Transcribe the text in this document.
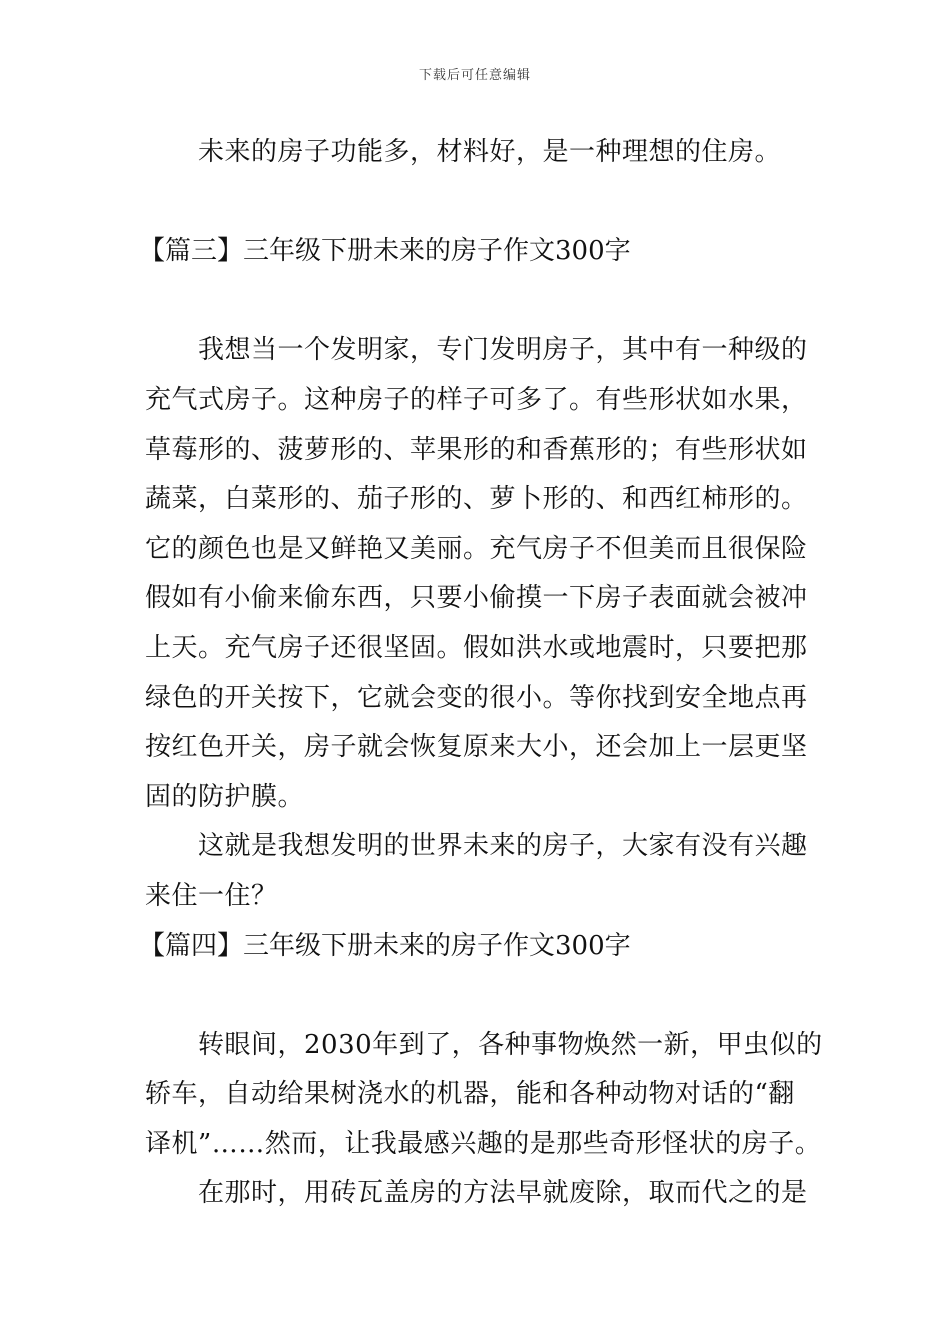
下载后可任意编辑
未来的房子功能多，材料好，是一种理想的住房。
【篇三】三年级下册未来的房子作文300字
我想当一个发明家，专门发明房子，其中有一种级的
充气式房子。这种房子的样子可多了。有些形状如水果，
草莓形的、菠萝形的、苹果形的和香蕉形的；有些形状如
蔬菜，白菜形的、茄子形的、萝卜形的、和西红柿形的。
它的颜色也是又鲜艳又美丽。充气房子不但美而且很保险
假如有小偷来偷东西，只要小偷摸一下房子表面就会被冲
上天。充气房子还很坚固。假如洪水或地震时，只要把那
绿色的开关按下，它就会变的很小。等你找到安全地点再
按红色开关，房子就会恢复原来大小，还会加上一层更坚
固的防护膜。
这就是我想发明的世界未来的房子，大家有没有兴趣
来住一住？
【篇四】三年级下册未来的房子作文300字
转眼间，2030年到了，各种事物焕然一新，甲虫似的
轿车，自动给果树浇水的机器，能和各种动物对话的“翻
译机”……然而，让我最感兴趣的是那些奇形怪状的房子。
在那时，用砖瓦盖房的方法早就废除，取而代之的是
